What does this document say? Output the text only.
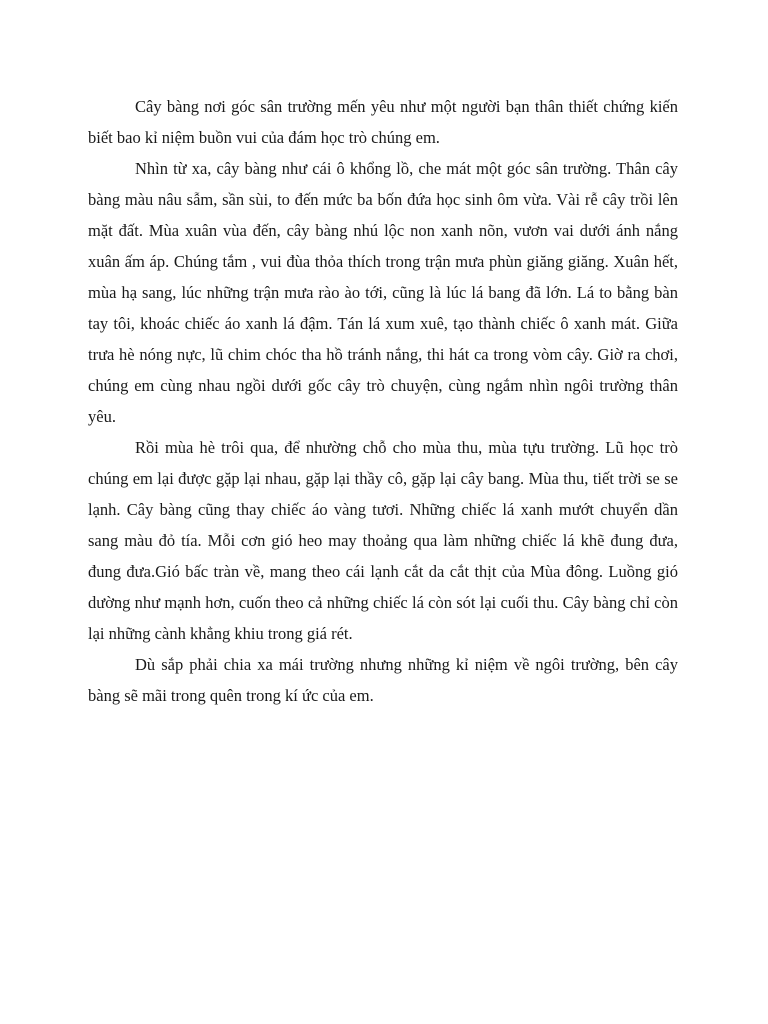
Cây bàng nơi góc sân trường mến yêu như một người bạn thân thiết chứng kiến biết bao kỉ niệm buồn vui của đám học trò chúng em.

Nhìn từ xa, cây bàng như cái ô khổng lồ, che mát một góc sân trường. Thân cây bàng màu nâu sẫm, sần sùi, to đến mức ba bốn đứa học sinh ôm vừa. Vài rễ cây trồi lên mặt đất. Mùa xuân vùa đến, cây bàng nhú lộc non xanh nõn, vươn vai dưới ánh nắng xuân ấm áp. Chúng tắm , vui đùa thỏa thích trong trận mưa phùn giăng giăng. Xuân hết, mùa hạ sang, lúc những trận mưa rào ào tới, cũng là lúc lá bang đã lớn. Lá to bằng bàn tay tôi, khoác chiếc áo xanh lá đậm. Tán lá xum xuê, tạo thành chiếc ô xanh mát. Giữa trưa hè nóng nực, lũ chim chóc tha hồ tránh nắng, thi hát ca trong vòm cây. Giờ ra chơi, chúng em cùng nhau ngồi dưới gốc cây trò chuyện, cùng ngắm nhìn ngôi trường thân yêu.

Rồi mùa hè trôi qua, để nhường chỗ cho mùa thu, mùa tựu trường. Lũ học trò chúng em lại được gặp lại nhau, gặp lại thầy cô, gặp lại cây bang. Mùa thu, tiết trời se se lạnh. Cây bàng cũng thay chiếc áo vàng tươi. Những chiếc lá xanh mướt chuyển dần sang màu đỏ tía. Mỗi cơn gió heo may thoảng qua làm những chiếc lá khẽ đung đưa, đung đưa.Gió bấc tràn về, mang theo cái lạnh cắt da cắt thịt của Mùa đông. Luồng gió dường như mạnh hơn, cuốn theo cả những chiếc lá còn sót lại cuối thu. Cây bàng chỉ còn lại những cành khẳng khiu trong giá rét.

Dù sắp phải chia xa mái trường nhưng những kỉ niệm về ngôi trường, bên cây bàng sẽ mãi trong quên trong kí ức của em.
